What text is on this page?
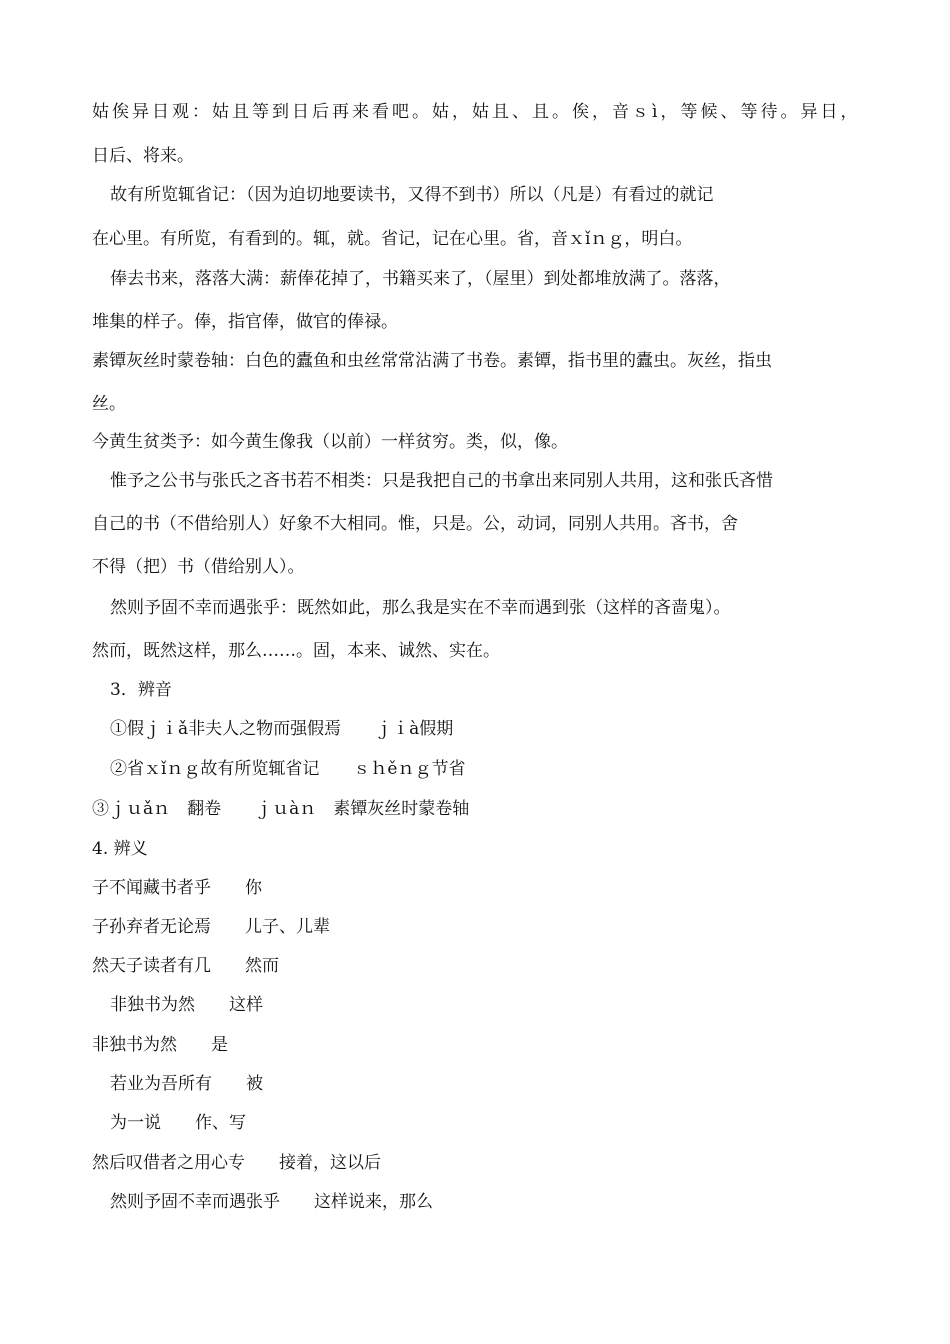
姑 俟 异 日 观 ： 姑 且 等 到 日 后 再 来 看 吧 。 姑 ， 姑 且 、 且 。 俟 ， 音 ｓ ì ， 等 候 、 等 待 。 异 日 ，
日后、将来。
故有所览辄省记：（因为迫切地要读书，又得不到书）所以（凡是）有看过的就记
在心里。有所览，有看到的。辄，就。省记，记在心里。省，音ｘǐｎｇ，明白。
俸去书来，落落大满：薪俸花掉了，书籍买来了，（屋里）到处都堆放满了。落落，
堆集的样子。俸，指官俸，做官的俸禄。
素镡灰丝时蒙卷轴：白色的蠹鱼和虫丝常常沾满了书卷。素镡，指书里的蠹虫。灰丝，指虫
丝。
今黄生贫类予：如今黄生像我（以前）一样贫穷。类，似，像。
惟予之公书与张氏之吝书若不相类：只是我把自己的书拿出来同别人共用，这和张氏吝惜
自己的书（不借给别人）好象不大相同。惟，只是。公，动词，同别人共用。吝书，舍
不得（把）书（借给别人）。
然则予固不幸而遇张乎：既然如此，那么我是实在不幸而遇到张（这样的吝啬鬼）。
然而，既然这样，那么……。固，本来、诚然、实在。
3．辨音
①假ｊｉǎ非夫人之物而强假焉　　ｊｉà假期
②省ｘǐｎｇ故有所览辄省记　　ｓｈěｎｇ节省
③ｊｕǎｎ　翻卷　　ｊｕàｎ　素镡灰丝时蒙卷轴
4. 辨义
子不闻藏书者乎　　你
子孙弃者无论焉　　儿子、儿辈
然天子读者有几　　然而
非独书为然　　这样
非独书为然　　是
若业为吾所有　　被
为一说　　作、写
然后叹借者之用心专　　接着，这以后
然则予固不幸而遇张乎　　这样说来，那么
